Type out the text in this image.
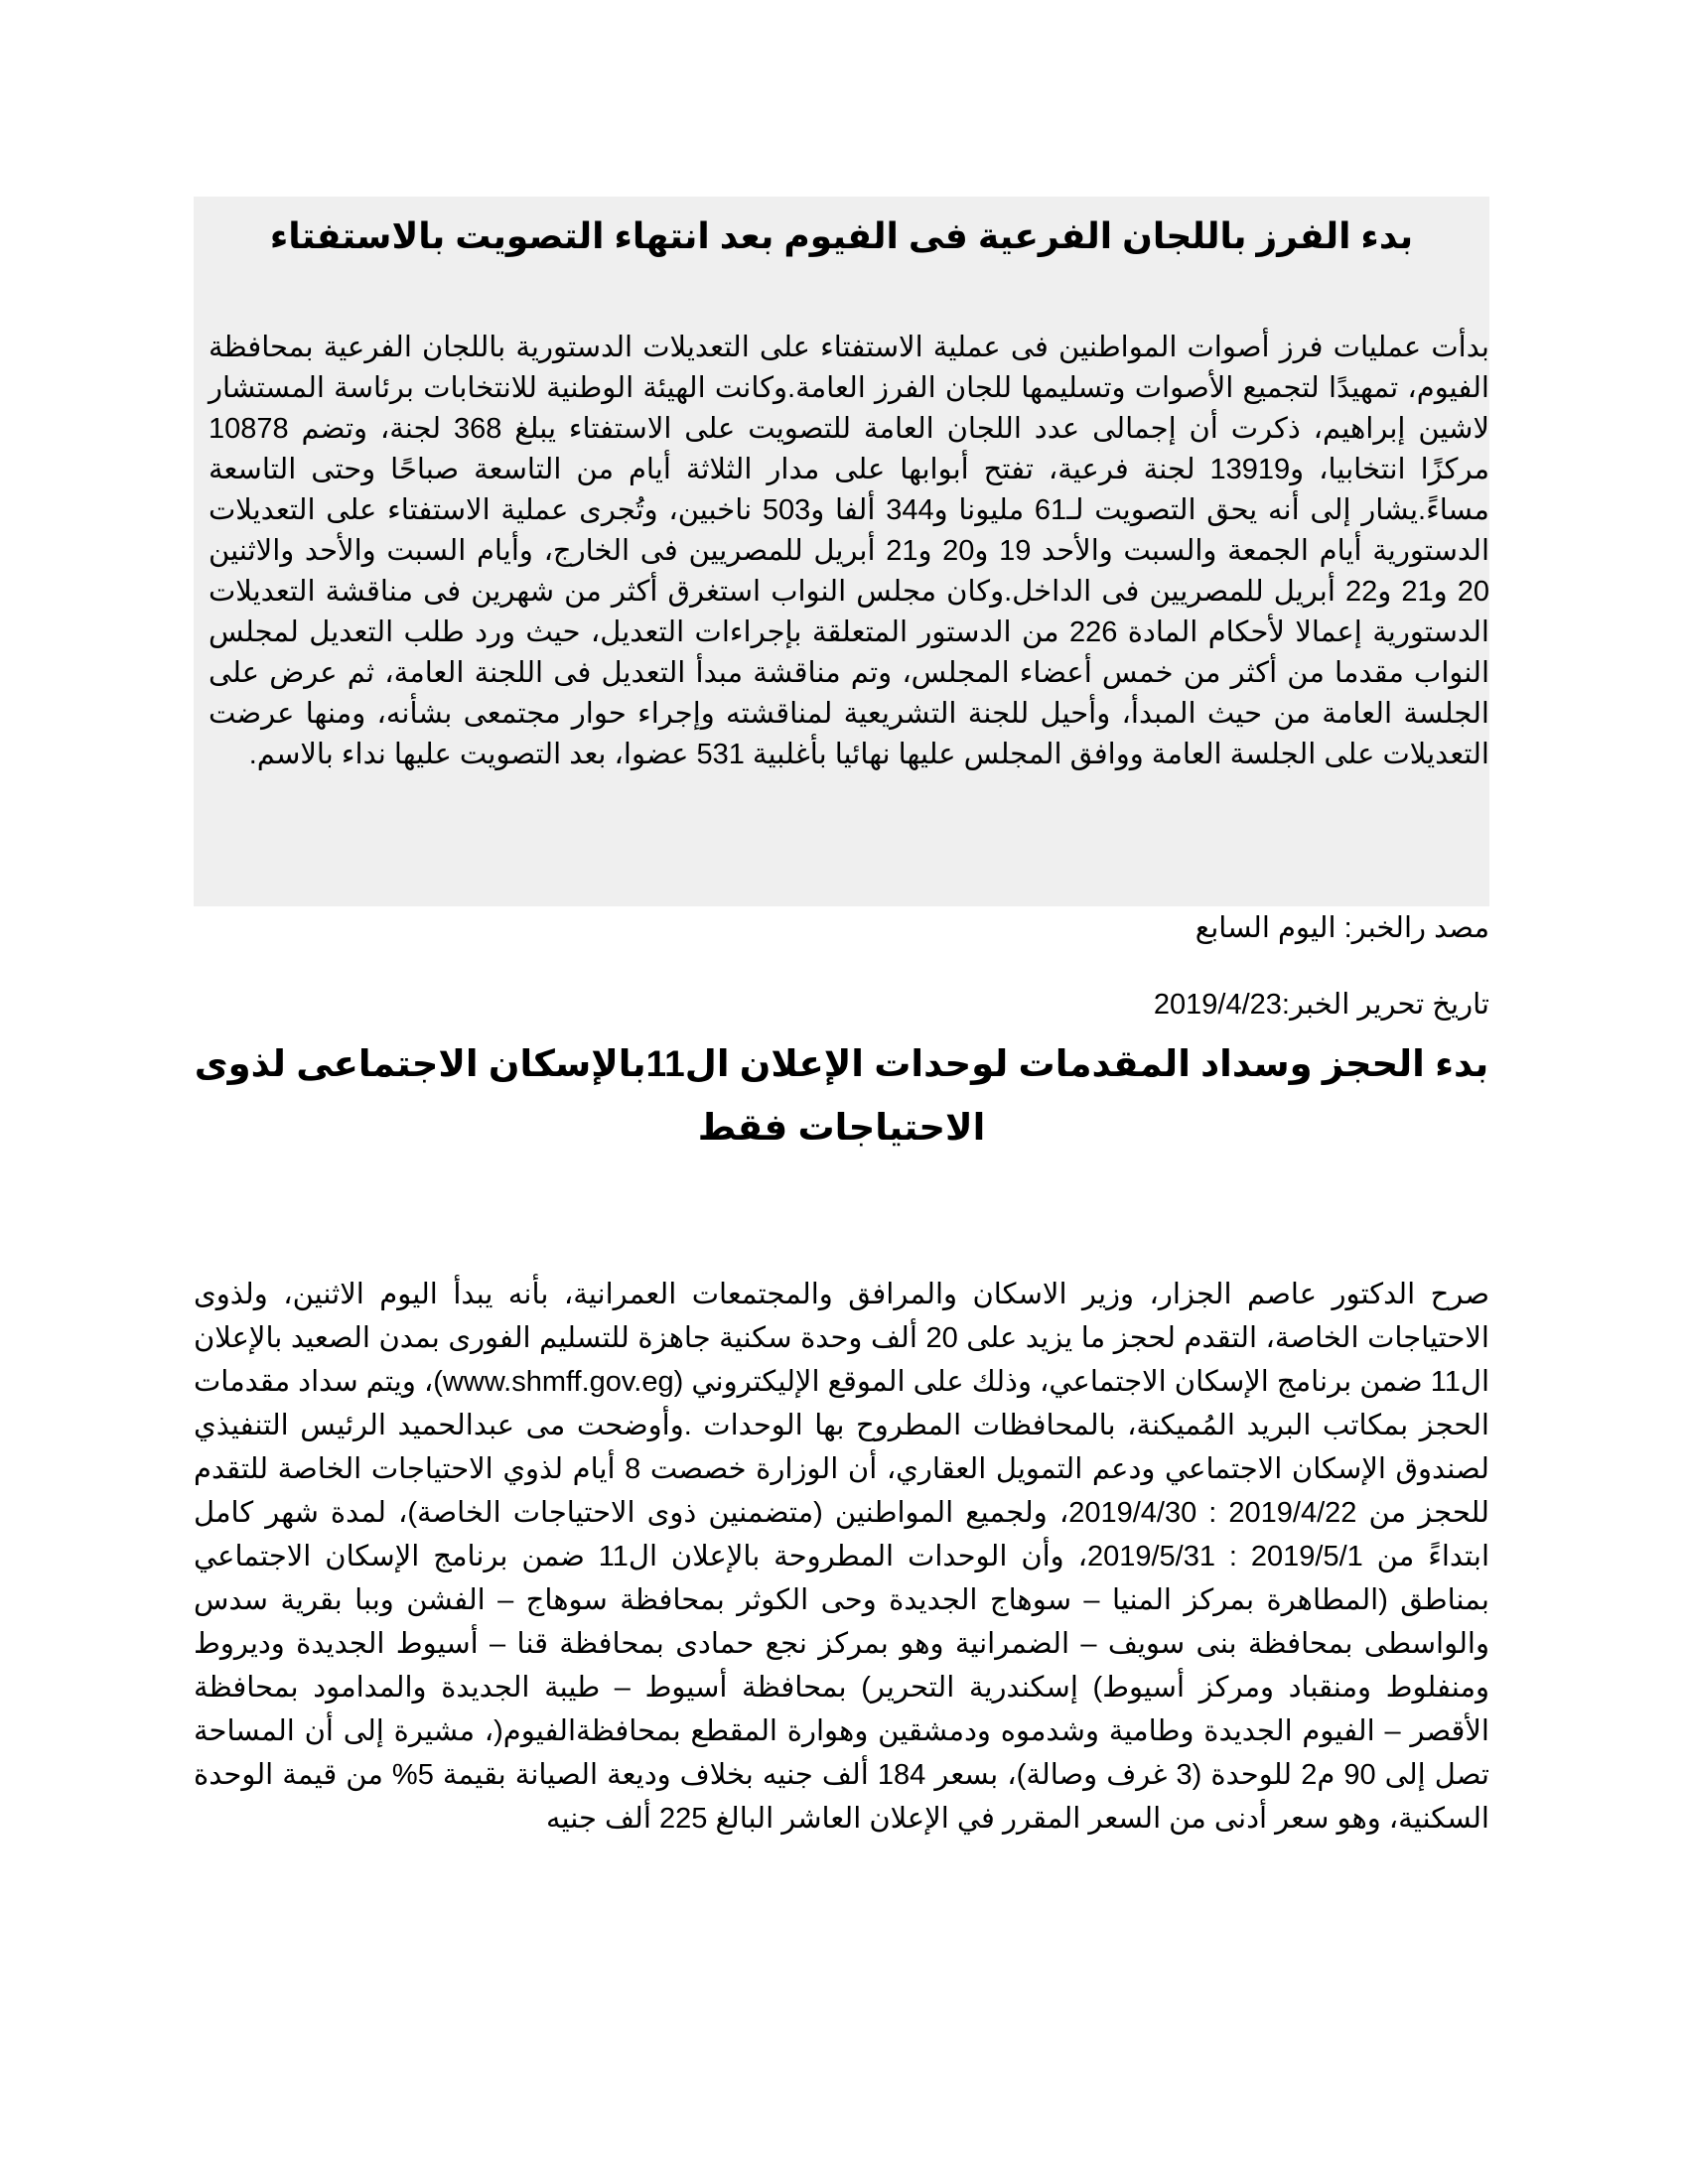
بدء الفرز باللجان الفرعية فى الفيوم بعد انتهاء التصويت بالاستفتاء
بدأت عمليات فرز أصوات المواطنين فى عملية الاستفتاء على التعديلات الدستورية باللجان الفرعية بمحافظة الفيوم، تمهيدًا لتجميع الأصوات وتسليمها للجان الفرز العامة.وكانت الهيئة الوطنية للانتخابات برئاسة المستشار لاشين إبراهيم، ذكرت أن إجمالى عدد اللجان العامة للتصويت على الاستفتاء يبلغ 368 لجنة، وتضم 10878 مركزًا انتخابيا، و13919 لجنة فرعية، تفتح أبوابها على مدار الثلاثة أيام من التاسعة صباحًا وحتى التاسعة مساءً.يشار إلى أنه يحق التصويت لـ61 مليونا و344 ألفا و503 ناخبين، وتُجرى عملية الاستفتاء على التعديلات الدستورية أيام الجمعة والسبت والأحد 19 و20 و21 أبريل للمصريين فى الخارج، وأيام السبت والأحد والاثنين 20 و21 و22 أبريل للمصريين فى الداخل.وكان مجلس النواب استغرق أكثر من شهرين فى مناقشة التعديلات الدستورية إعمالا لأحكام المادة 226 من الدستور المتعلقة بإجراءات التعديل، حيث ورد طلب التعديل لمجلس النواب مقدما من أكثر من خمس أعضاء المجلس، وتم مناقشة مبدأ التعديل فى اللجنة العامة، ثم عرض على الجلسة العامة من حيث المبدأ، وأحيل للجنة التشريعية لمناقشته وإجراء حوار مجتمعى بشأنه، ومنها عرضت التعديلات على الجلسة العامة ووافق المجلس عليها نهائيا بأغلبية 531 عضوا، بعد التصويت عليها نداء بالاسم.
مصد رالخبر: اليوم السابع
تاريخ تحرير الخبر:2019/4/23
بدء الحجز وسداد المقدمات لوحدات الإعلان ال11بالإسكان الاجتماعى لذوى الاحتياجات فقط
صرح الدكتور عاصم الجزار، وزير الاسكان والمرافق والمجتمعات العمرانية، بأنه يبدأ اليوم الاثنين، ولذوى الاحتياجات الخاصة، التقدم لحجز ما يزيد على 20 ألف وحدة سكنية جاهزة للتسليم الفورى بمدن الصعيد بالإعلان ال11 ضمن برنامج الإسكان الاجتماعي، وذلك على الموقع الإليكتروني (www.shmff.gov.eg)، ويتم سداد مقدمات الحجز بمكاتب البريد المُميكنة، بالمحافظات المطروح بها الوحدات .وأوضحت مى عبدالحميد الرئيس التنفيذي لصندوق الإسكان الاجتماعي ودعم التمويل العقاري، أن الوزارة خصصت 8 أيام لذوي الاحتياجات الخاصة للتقدم للحجز من 2019/4/22 : 2019/4/30، ولجميع المواطنين (متضمنين ذوى الاحتياجات الخاصة)، لمدة شهر كامل ابتداءً من 2019/5/1 : 2019/5/31، وأن الوحدات المطروحة بالإعلان ال11 ضمن برنامج الإسكان الاجتماعي بمناطق (المطاهرة بمركز المنيا – سوهاج الجديدة وحى الكوثر بمحافظة سوهاج – الفشن وببا بقرية سدس والواسطى بمحافظة بنى سويف – الضمرانية وهو بمركز نجع حمادى بمحافظة قنا – أسيوط الجديدة وديروط ومنفلوط ومنقباد ومركز أسيوط) إسكندرية التحرير) بمحافظة أسيوط – طيبة الجديدة والمدامود بمحافظة الأقصر – الفيوم الجديدة وطامية وشدموه ودمشقين وهوارة المقطع بمحافظةالفيوم(، مشيرة إلى أن المساحة تصل إلى 90 م2 للوحدة (3 غرف وصالة)، بسعر 184 ألف جنيه بخلاف وديعة الصيانة بقيمة 5% من قيمة الوحدة السكنية، وهو سعر أدنى من السعر المقرر في الإعلان العاشر البالغ 225 ألف جنيه
